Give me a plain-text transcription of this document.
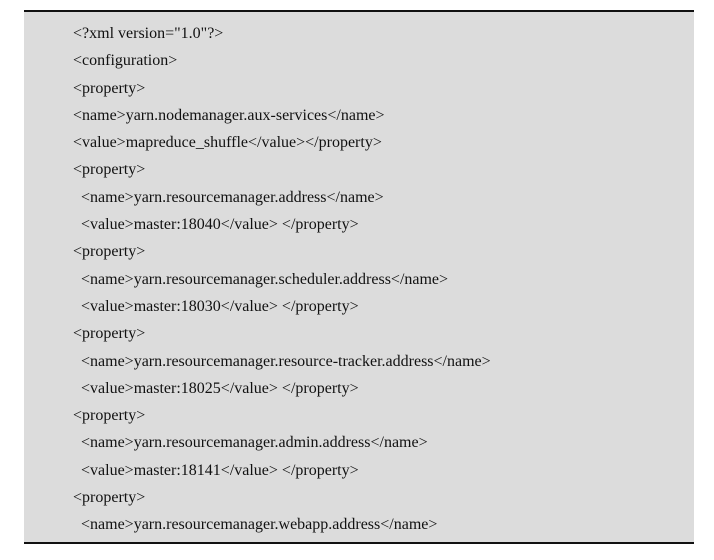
<?xml version="1.0"?>
<configuration>
<property>
<name>yarn.nodemanager.aux-services</name>
<value>mapreduce_shuffle</value></property>
<property>
<name>yarn.resourcemanager.address</name>
<value>master:18040</value> </property>
<property>
<name>yarn.resourcemanager.scheduler.address</name>
<value>master:18030</value> </property>
<property>
<name>yarn.resourcemanager.resource-tracker.address</name>
<value>master:18025</value> </property>
<property>
<name>yarn.resourcemanager.admin.address</name>
<value>master:18141</value> </property>
<property>
<name>yarn.resourcemanager.webapp.address</name>
